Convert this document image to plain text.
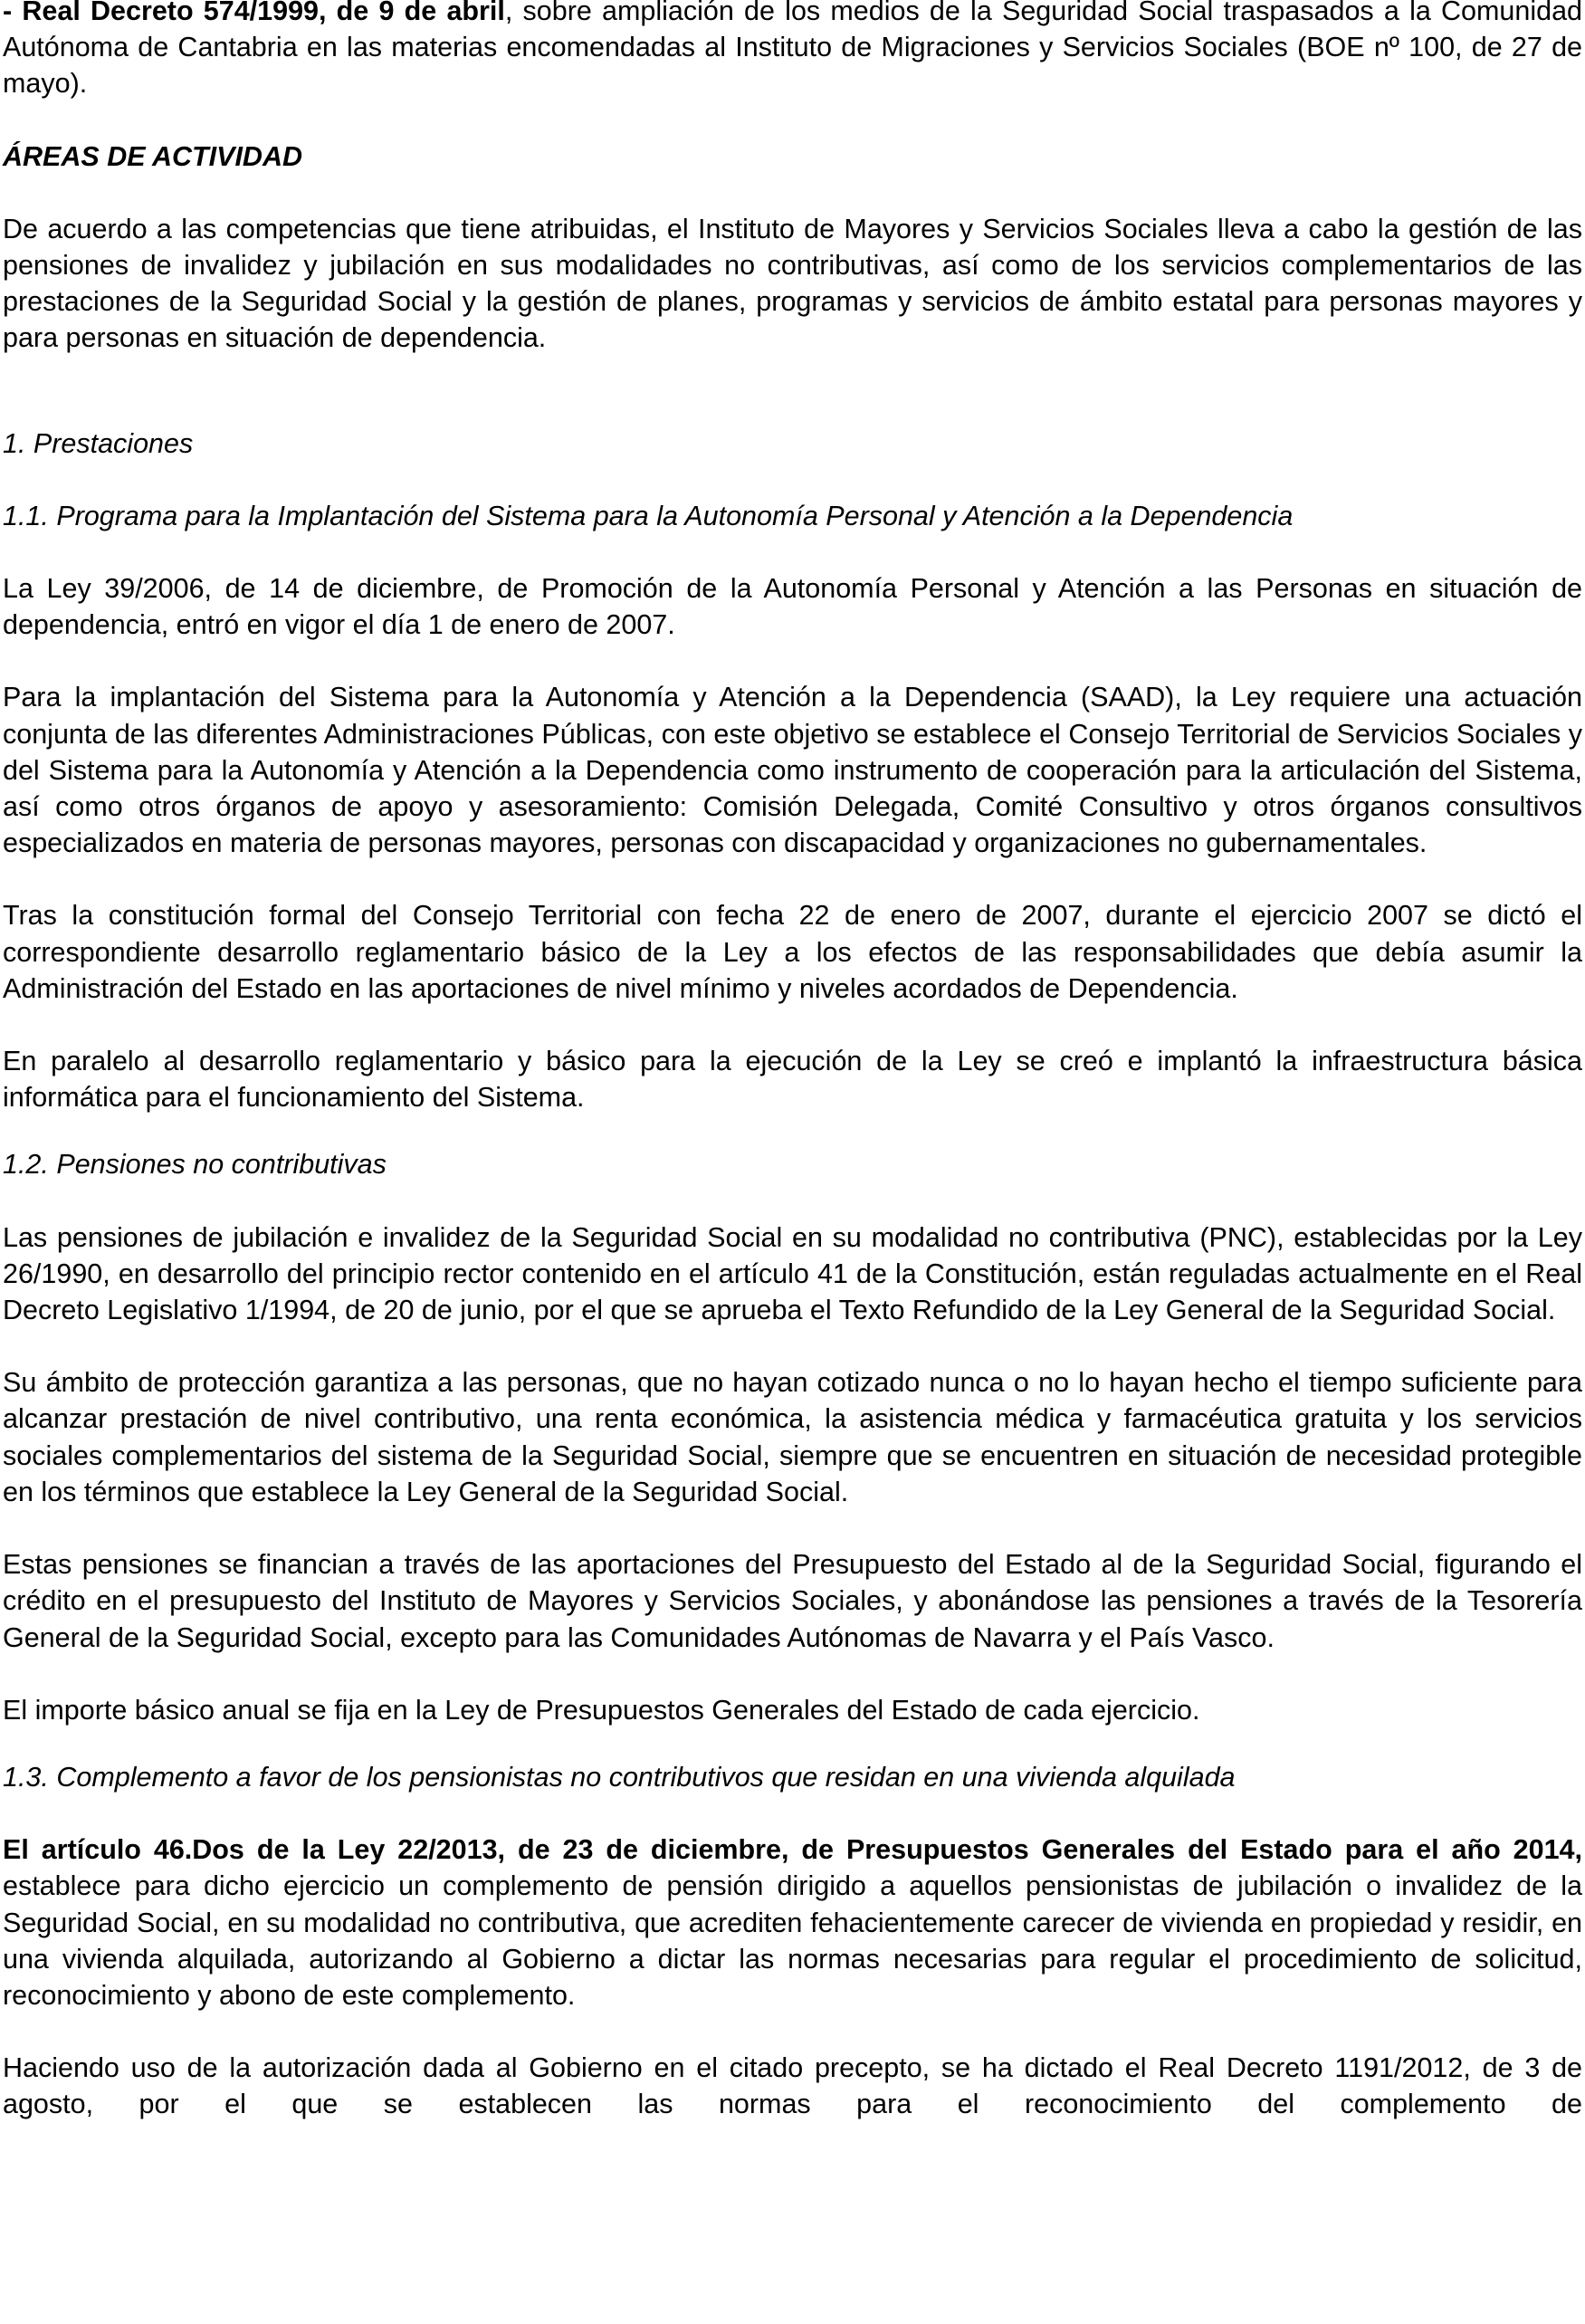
- Real Decreto 574/1999, de 9 de abril, sobre ampliación de los medios de la Seguridad Social traspasados a la Comunidad Autónoma de Cantabria en las materias encomendadas al Instituto de Migraciones y Servicios Sociales (BOE nº 100, de 27 de mayo).

ÁREAS DE ACTIVIDAD

De acuerdo a las competencias que tiene atribuidas, el Instituto de Mayores y Servicios Sociales lleva a cabo la gestión de las pensiones de invalidez y jubilación en sus modalidades no contributivas, así como de los servicios complementarios de las prestaciones de la Seguridad Social y la gestión de planes, programas y servicios de ámbito estatal para personas mayores y para personas en situación de dependencia.

1. Prestaciones

1.1. Programa para la Implantación del Sistema para la Autonomía Personal y Atención a la Dependencia

La Ley 39/2006, de 14 de diciembre, de Promoción de la Autonomía Personal y Atención a las Personas en situación de dependencia, entró en vigor el día 1 de enero de 2007.

Para la implantación del Sistema para la Autonomía y Atención a la Dependencia (SAAD), la Ley requiere una actuación conjunta de las diferentes Administraciones Públicas, con este objetivo se establece el Consejo Territorial de Servicios Sociales y del Sistema para la Autonomía y Atención a la Dependencia como instrumento de cooperación para la articulación del Sistema, así como otros órganos de apoyo y asesoramiento: Comisión Delegada, Comité Consultivo y otros órganos consultivos especializados en materia de personas mayores, personas con discapacidad y organizaciones no gubernamentales.

Tras la constitución formal del Consejo Territorial con fecha 22 de enero de 2007, durante el ejercicio 2007 se dictó el correspondiente desarrollo reglamentario básico de la Ley a los efectos de las responsabilidades que debía asumir la Administración del Estado en las aportaciones de nivel mínimo y niveles acordados de Dependencia.

En paralelo al desarrollo reglamentario y básico para la ejecución de la Ley se creó e implantó la infraestructura básica informática para el funcionamiento del Sistema.

1.2. Pensiones no contributivas

Las pensiones de jubilación e invalidez de la Seguridad Social en su modalidad no contributiva (PNC), establecidas por la Ley 26/1990, en desarrollo del principio rector contenido en el artículo 41 de la Constitución, están reguladas actualmente en el Real Decreto Legislativo 1/1994, de 20 de junio, por el que se aprueba el Texto Refundido de la Ley General de la Seguridad Social.

Su ámbito de protección garantiza a las personas, que no hayan cotizado nunca o no lo hayan hecho el tiempo suficiente para alcanzar prestación de nivel contributivo, una renta económica, la asistencia médica y farmacéutica gratuita y los servicios sociales complementarios del sistema de la Seguridad Social, siempre que se encuentren en situación de necesidad protegible en los términos que establece la Ley General de la Seguridad Social.

Estas pensiones se financian a través de las aportaciones del Presupuesto del Estado al de la Seguridad Social, figurando el crédito en el presupuesto del Instituto de Mayores y Servicios Sociales, y abonándose las pensiones a través de la Tesorería General de la Seguridad Social, excepto para las Comunidades Autónomas de Navarra y el País Vasco.

El importe básico anual se fija en la Ley de Presupuestos Generales del Estado de cada ejercicio.

1.3. Complemento a favor de los pensionistas no contributivos que residan en una vivienda alquilada

El artículo 46.Dos de la Ley 22/2013, de 23 de diciembre, de Presupuestos Generales del Estado para el año 2014, establece para dicho ejercicio un complemento de pensión dirigido a aquellos pensionistas de jubilación o invalidez de la Seguridad Social, en su modalidad no contributiva, que acrediten fehacientemente carecer de vivienda en propiedad y residir, en una vivienda alquilada, autorizando al Gobierno a dictar las normas necesarias para regular el procedimiento de solicitud, reconocimiento y abono de este complemento.

Haciendo uso de la autorización dada al Gobierno en el citado precepto, se ha dictado el Real Decreto 1191/2012, de 3 de agosto, por el que se establecen las normas para el reconocimiento del complemento de
